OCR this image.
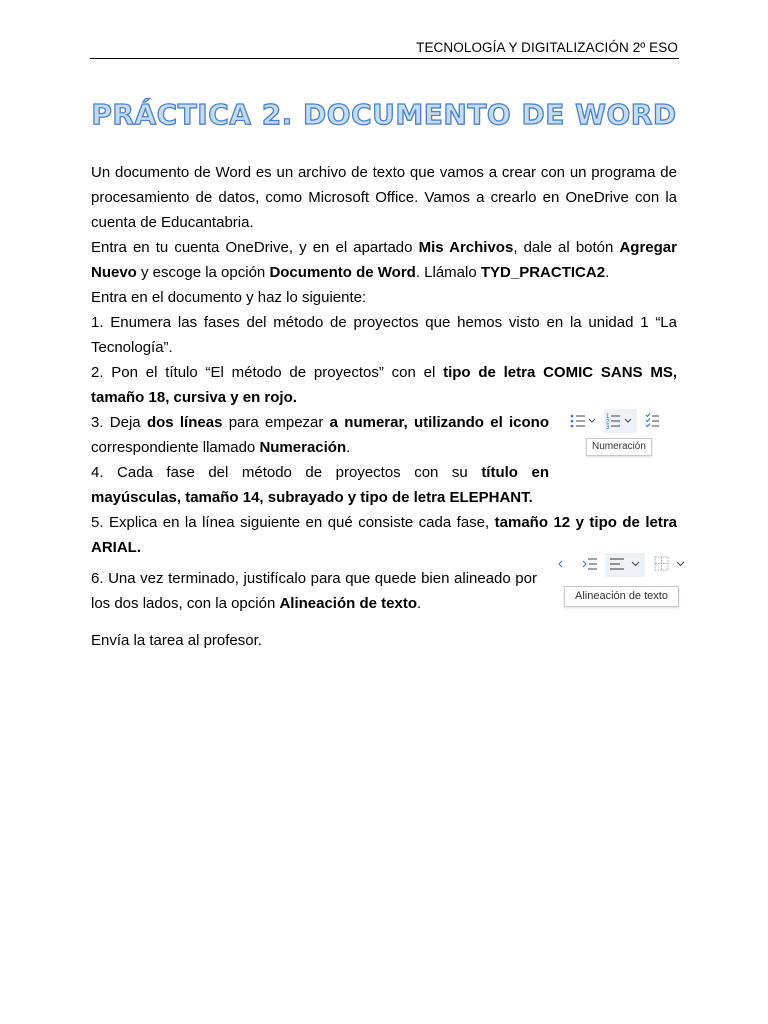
TECNOLOGÍA Y DIGITALIZACIÓN 2º ESO
PRÁCTICA 2. DOCUMENTO DE WORD

Un documento de Word es un archivo de texto que vamos a crear con un programa de procesamiento de datos, como Microsoft Office. Vamos a crearlo en OneDrive con la cuenta de Educantabria.

Entra en tu cuenta OneDrive, y en el apartado Mis Archivos, dale al botón Agregar Nuevo y escoge la opción Documento de Word. Llámalo TYD_PRACTICA2.

Entra en el documento y haz lo siguiente:

1. Enumera las fases del método de proyectos que hemos visto en la unidad 1 “La Tecnología”.

2. Pon el título “El método de proyectos” con el tipo de letra COMIC SANS MS, tamaño 18, cursiva y en rojo.

3. Deja dos líneas para empezar a numerar, utilizando el icono correspondiente llamado Numeración.

4. Cada fase del método de proyectos con su título en mayúsculas, tamaño 14, subrayado y tipo de letra ELEPHANT.

5. Explica en la línea siguiente en qué consiste cada fase, tamaño 12 y tipo de letra ARIAL.

6. Una vez terminado, justifícalo para que quede bien alineado por los dos lados, con la opción Alineación de texto.

Envía la tarea al profesor.

1
2
3
Numeración
Alineación de texto
